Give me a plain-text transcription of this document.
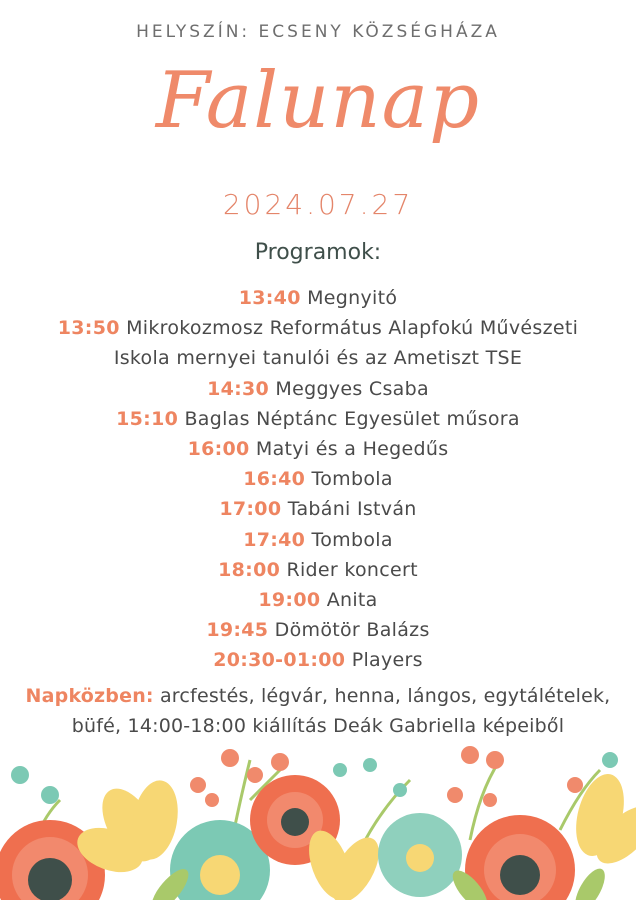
HELYSZÍN: ECSENY KÖZSÉGHÁZA
Falunap
2024.07.27
Programok:
13:40 Megnyitó
13:50 Mikrokozmosz Református Alapfokú Művészeti
Iskola mernyei tanulói és az Ametiszt TSE
14:30 Meggyes Csaba
15:10 Baglas Néptánc Egyesület műsora
16:00 Matyi és a Hegedűs
16:40 Tombola
17:00 Tabáni István
17:40 Tombola
18:00 Rider koncert
19:00 Anita
19:45 Dömötör Balázs
20:30-01:00 Players
Napközben: arcfestés, légvár, henna, lángos, egytálételek,
büfé, 14:00-18:00 kiállítás Deák Gabriella képeiből
